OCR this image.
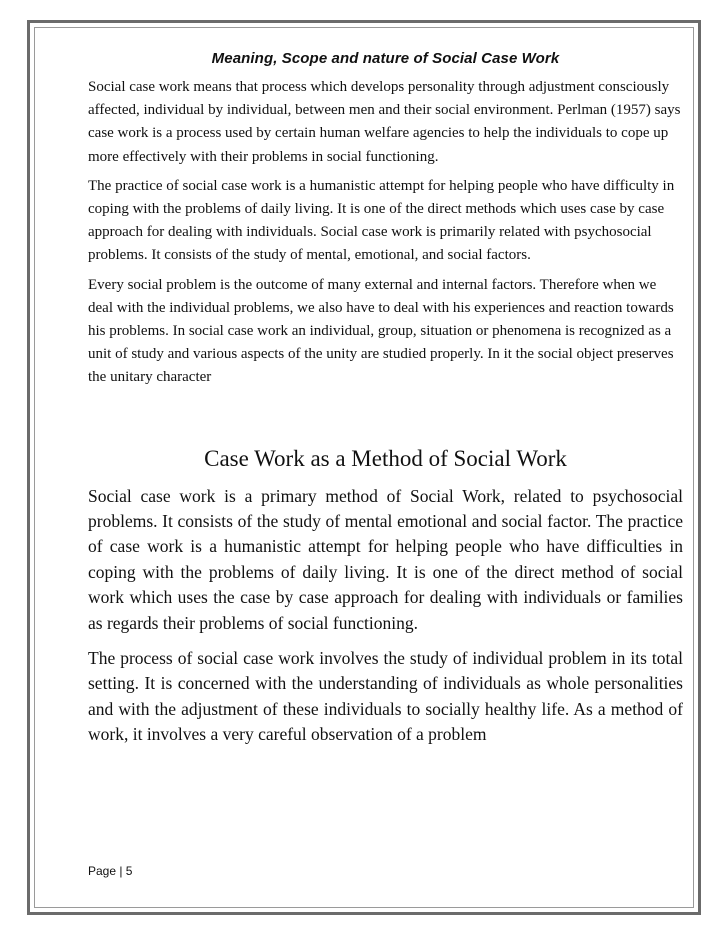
Meaning, Scope and nature of Social Case Work

Social case work means that process which develops personality through adjustment consciously affected, individual by individual, between men and their social environment. Perlman (1957) says case work is a process used by certain human welfare agencies to help the individuals to cope up more effectively with their problems in social functioning.

The practice of social case work is a humanistic attempt for helping people who have difficulty in coping with the problems of daily living. It is one of the direct methods which uses case by case approach for dealing with individuals. Social case work is primarily related with psychosocial problems. It consists of the study of mental, emotional, and social factors.

Every social problem is the outcome of many external and internal factors. Therefore when we deal with the individual problems, we also have to deal with his experiences and reaction towards his problems. In social case work an individual, group, situation or phenomena is recognized as a unit of study and various aspects of the unity are studied properly. In it the social object preserves the unitary character

Case Work as a Method of Social Work

Social case work is a primary method of Social Work, related to psychosocial problems. It consists of the study of mental emotional and social factor. The practice of case work is a humanistic attempt for helping people who have difficulties in coping with the problems of daily living. It is one of the direct method of social work which uses the case by case approach for dealing with individuals or families as regards their problems of social functioning.

The process of social case work involves the study of individual problem in its total setting. It is concerned with the understanding of individuals as whole personalities and with the adjustment of these individuals to socially healthy life. As a method of work, it involves a very careful observation of a problem

Page | 5
